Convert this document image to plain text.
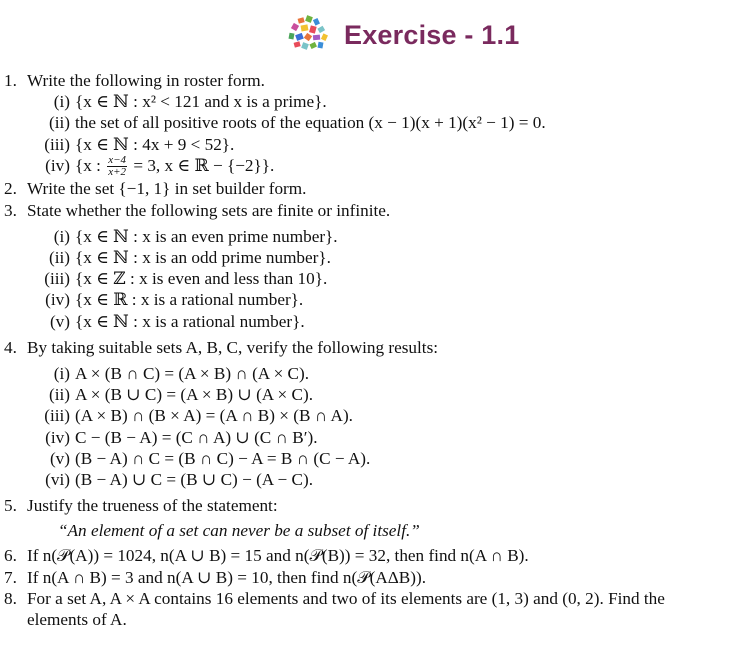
Exercise - 1.1
1. Write the following in roster form.
(i) {x ∈ ℕ : x² < 121 and x is a prime}.
(ii) the set of all positive roots of the equation (x − 1)(x + 1)(x² − 1) = 0.
(iii) {x ∈ ℕ : 4x + 9 < 52}.
(iv) {x : $\frac{x-4}{x+2} = 3$, x ∈ ℝ − {−2}}.
2. Write the set {−1, 1} in set builder form.
3. State whether the following sets are finite or infinite.
(i) {x ∈ ℕ : x is an even prime number}.
(ii) {x ∈ ℕ : x is an odd prime number}.
(iii) {x ∈ ℤ : x is even and less than 10}.
(iv) {x ∈ ℝ : x is a rational number}.
(v) {x ∈ ℕ : x is a rational number}.
4. By taking suitable sets A, B, C, verify the following results:
(i) A × (B ∩ C) = (A × B) ∩ (A × C).
(ii) A × (B ∪ C) = (A × B) ∪ (A × C).
(iii) (A × B) ∩ (B × A) = (A ∩ B) × (B ∩ A).
(iv) C − (B − A) = (C ∩ A) ∪ (C ∩ B′).
(v) (B − A) ∩ C = (B ∩ C) − A = B ∩ (C − A).
(vi) (B − A) ∪ C = (B ∪ C) − (A − C).
5. Justify the trueness of the statement:
“An element of a set can never be a subset of itself.”
6. If n(𝒫(A)) = 1024, n(A ∪ B) = 15 and n(𝒫(B)) = 32, then find n(A ∩ B).
7. If n(A ∩ B) = 3 and n(A ∪ B) = 10, then find n(𝒫(AΔB)).
8. For a set A, A × A contains 16 elements and two of its elements are (1, 3) and (0, 2). Find the
elements of A.
